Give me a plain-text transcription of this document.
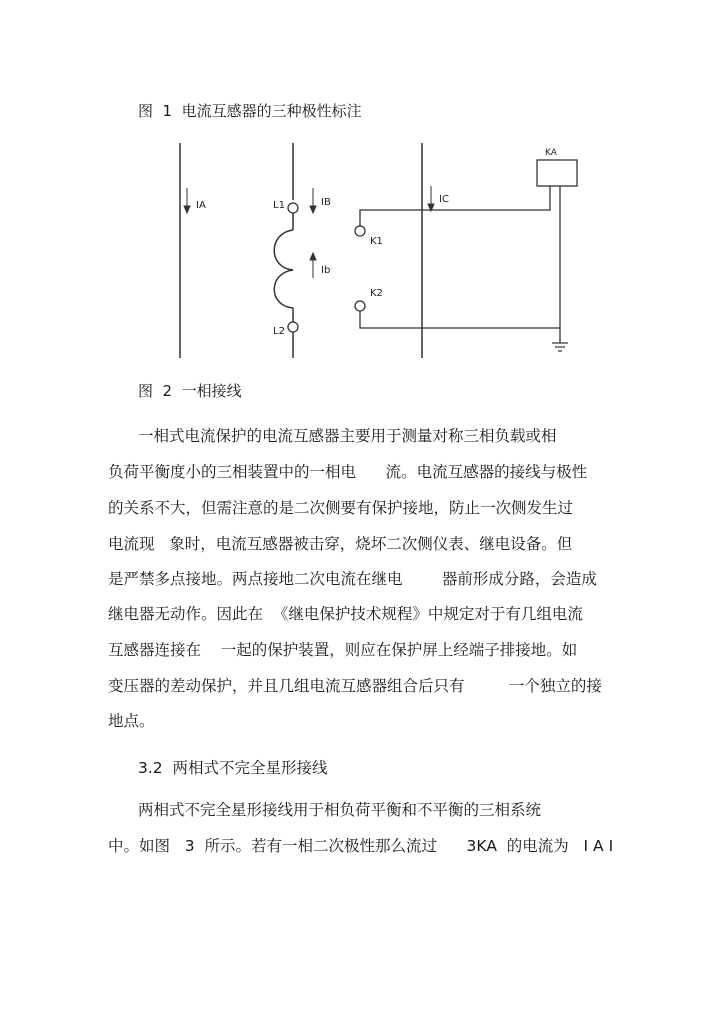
图  1  电流互感器的三种极性标注
IA	L1	IB	IC
Ib
L2
K1
K2
KA
图  2  一相接线
一相式电流保护的电流互感器主要用于测量对称三相负载或相
负荷平衡度小的三相装置中的一相电      流。电流互感器的接线与极性
的关系不大，但需注意的是二次侧要有保护接地，防止一次侧发生过
电流现   象时，电流互感器被击穿，烧坏二次侧仪表、继电设备。但
是严禁多点接地。两点接地二次电流在继电        器前形成分路，会造成
继电器无动作。因此在  《继电保护技术规程》中规定对于有几组电流
互感器连接在    一起的保护装置，则应在保护屏上经端子排接地。如
变压器的差动保护，并且几组电流互感器组合后只有         一个独立的接
地点。
3.2  两相式不完全星形接线
两相式不完全星形接线用于相负荷平衡和不平衡的三相系统
中。如图   3  所示。若有一相二次极性那么流过      3KA  的电流为   I A I
